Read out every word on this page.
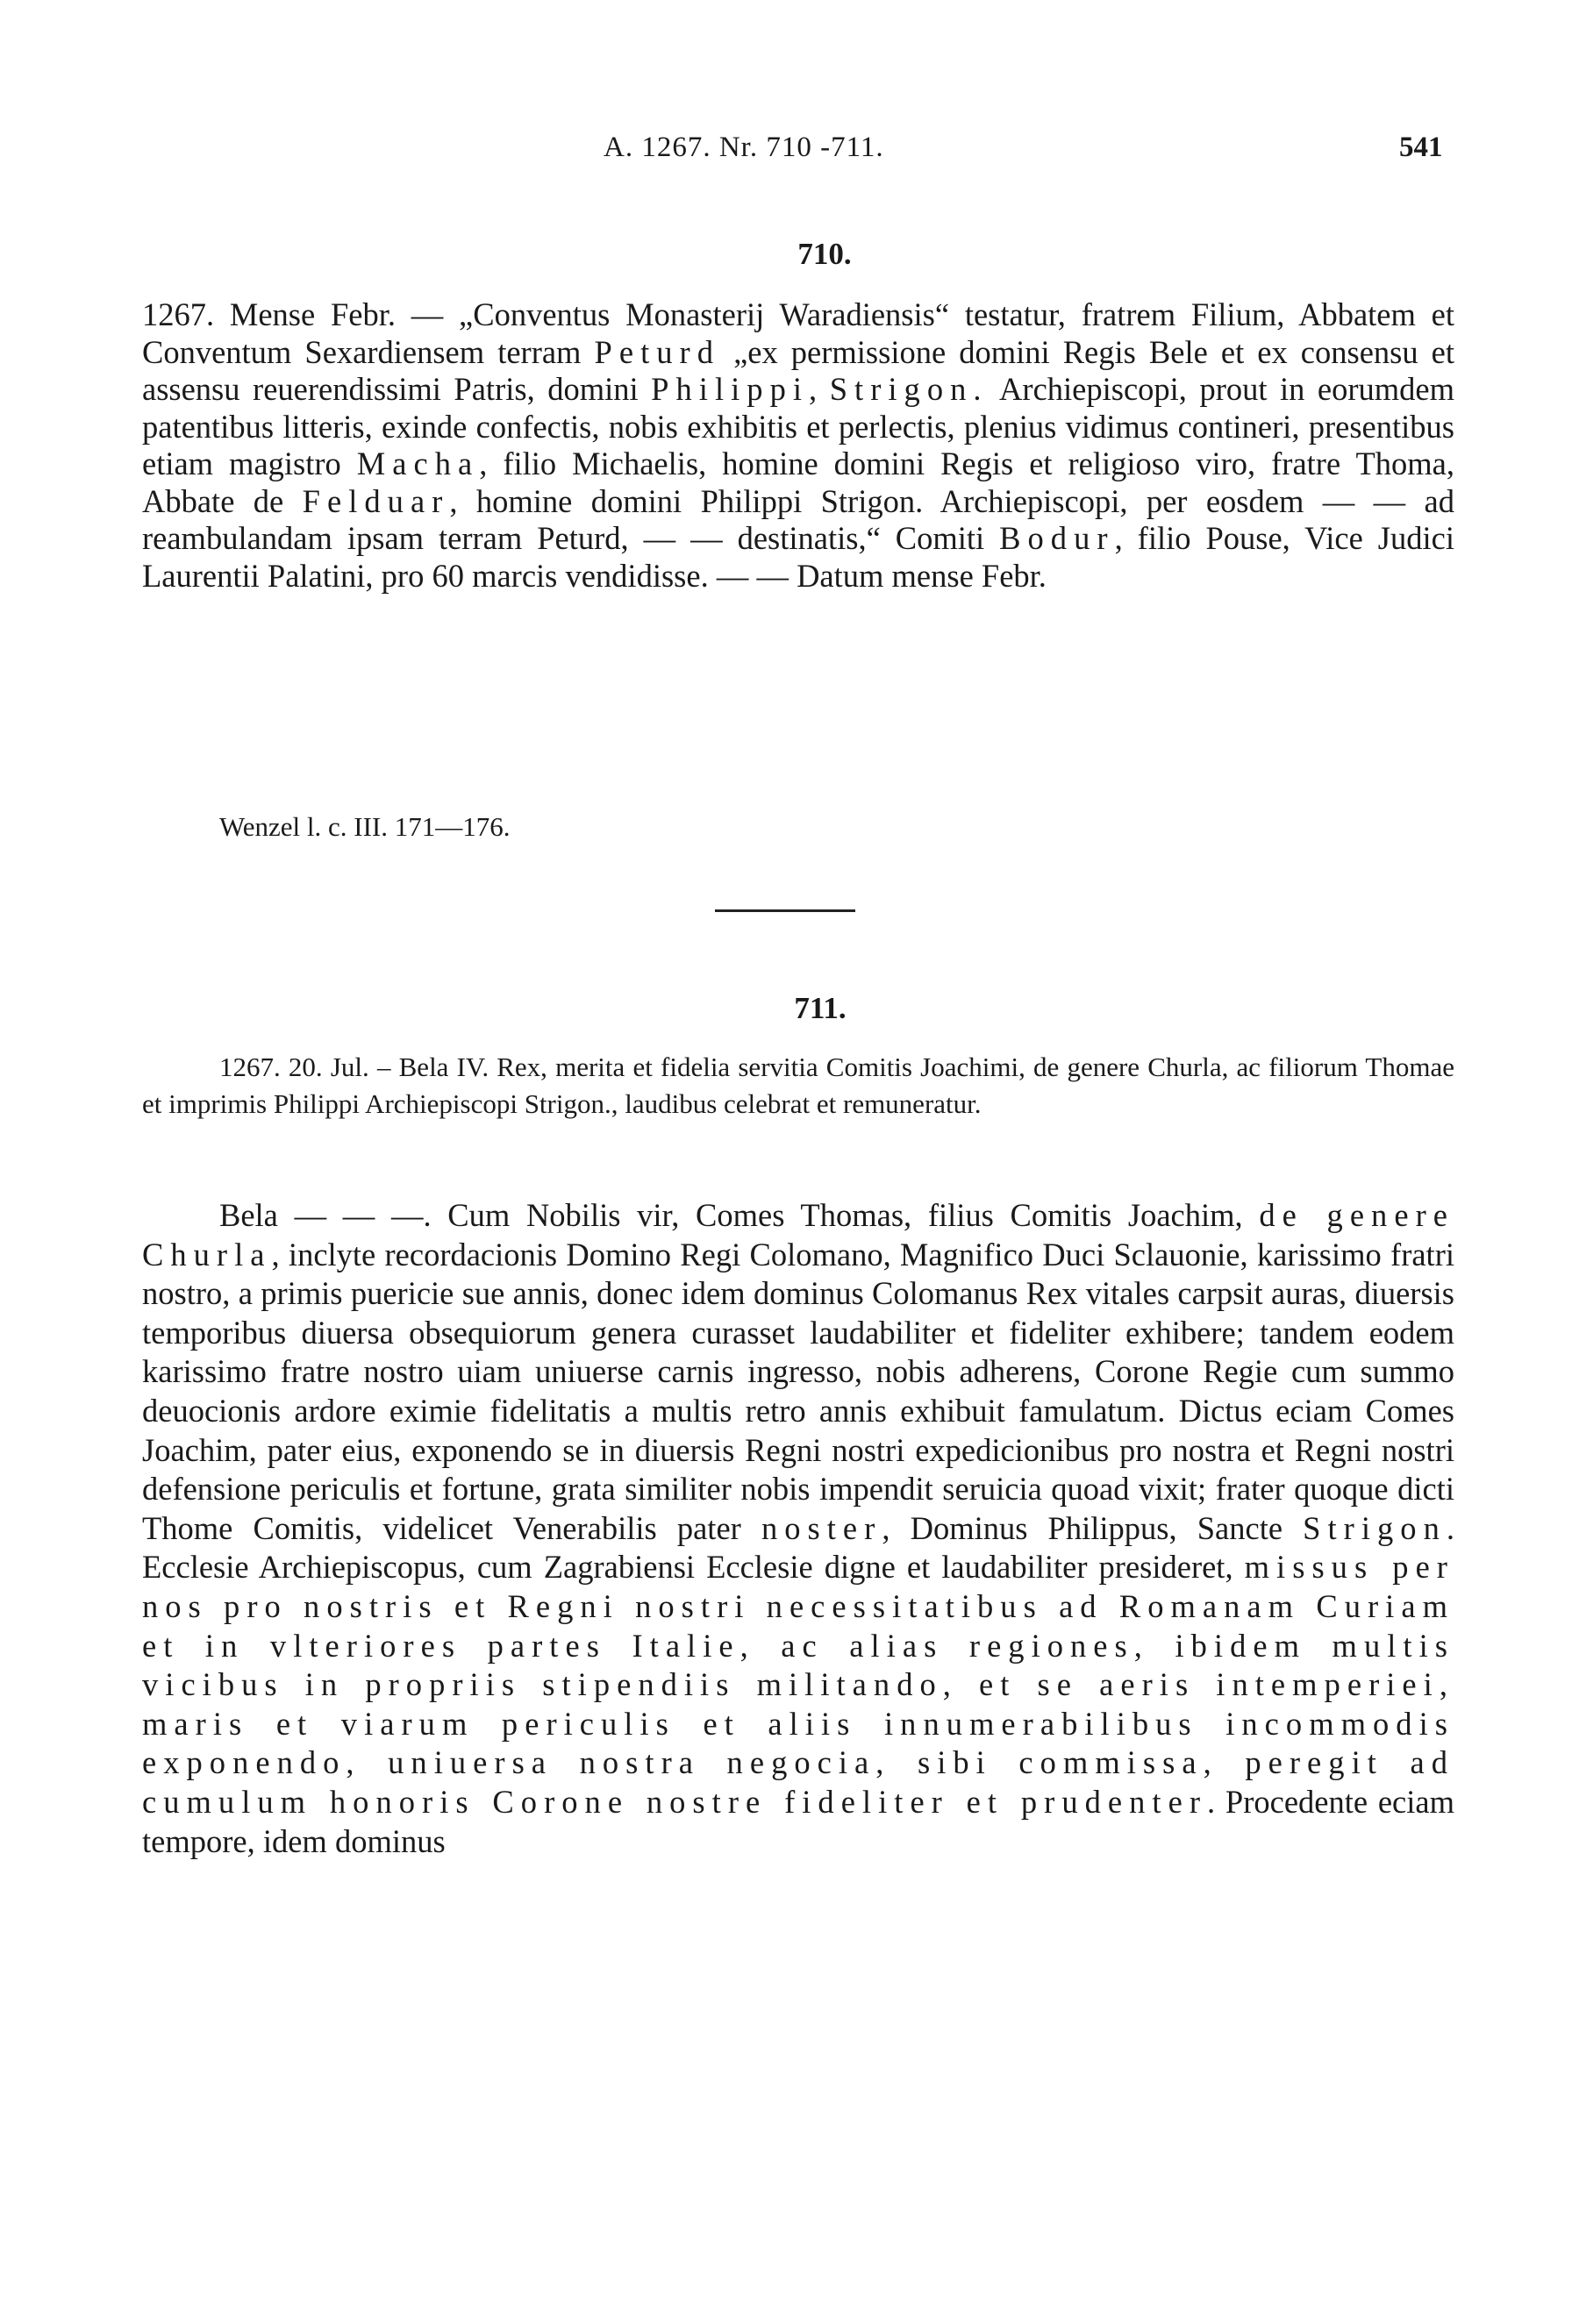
A. 1267. Nr. 710 -711.	541
710.

1267. Mense Febr. — „Conventus Monasterij Waradiensis“ testatur, fratrem Filium, Abbatem et Conventum Sexardiensem terram Peturd „ex permissione domini Regis Bele et ex consensu et assensu reuerendissimi Patris, domini Philippi, Strigon. Archiepiscopi, prout in eorumdem patentibus litteris, exinde confectis, nobis exhibitis et perlectis, plenius vidimus contineri, presentibus etiam magistro Macha, filio Michaelis, homine domini Regis et religioso viro, fratre Thoma, Abbate de Felduar, homine domini Philippi Strigon. Archiepiscopi, per eosdem — — ad reambulandam ipsam terram Peturd, — — destinatis,“ Comiti Bodur, filio Pouse, Vice Judici Laurentii Palatini, pro 60 marcis vendidisse. — — Datum mense Febr.

Wenzel l. c. III. 171—176.
711.

1267. 20. Jul. – Bela IV. Rex, merita et fidelia servitia Comitis Joachimi, de genere Churla, ac filiorum Thomae et imprimis Philippi Archiepiscopi Strigon., laudibus celebrat et remuneratur.

Bela — — —. Cum Nobilis vir, Comes Thomas, filius Comitis Joachim, de genere Churla, inclyte recordacionis Domino Regi Colomano, Magnifico Duci Sclauonie, karissimo fratri nostro, a primis puericie sue annis, donec idem dominus Colomanus Rex vitales carpsit auras, diuersis temporibus diuersa obsequiorum genera curasset laudabiliter et fideliter exhibere; tandem eodem karissimo fratre nostro uiam uniuerse carnis ingresso, nobis adherens, Corone Regie cum summo deuocionis ardore eximie fidelitatis a multis retro annis exhibuit famulatum. Dictus eciam Comes Joachim, pater eius, exponendo se in diuersis Regni nostri expedicionibus pro nostra et Regni nostri defensione periculis et fortune, grata similiter nobis impendit seruicia quoad vixit; frater quoque dicti Thome Comitis, videlicet Venerabilis pater noster, Dominus Philippus, Sancte Strigon. Ecclesie Archiepiscopus, cum Zagrabiensi Ecclesie digne et laudabiliter presideret, missus per nos pro nostris et Regni nostri necessitatibus ad Romanam Curiam et in vlteriores partes Italie, ac alias regiones, ibidem multis vicibus in propriis stipendiis militando, et se aeris intemperiei, maris et viarum periculis et aliis innumerabilibus incommodis exponendo, uniuersa nostra negocia, sibi commissa, peregit ad cumulum honoris Corone nostre fideliter et prudenter. Procedente eciam tempore, idem dominus
